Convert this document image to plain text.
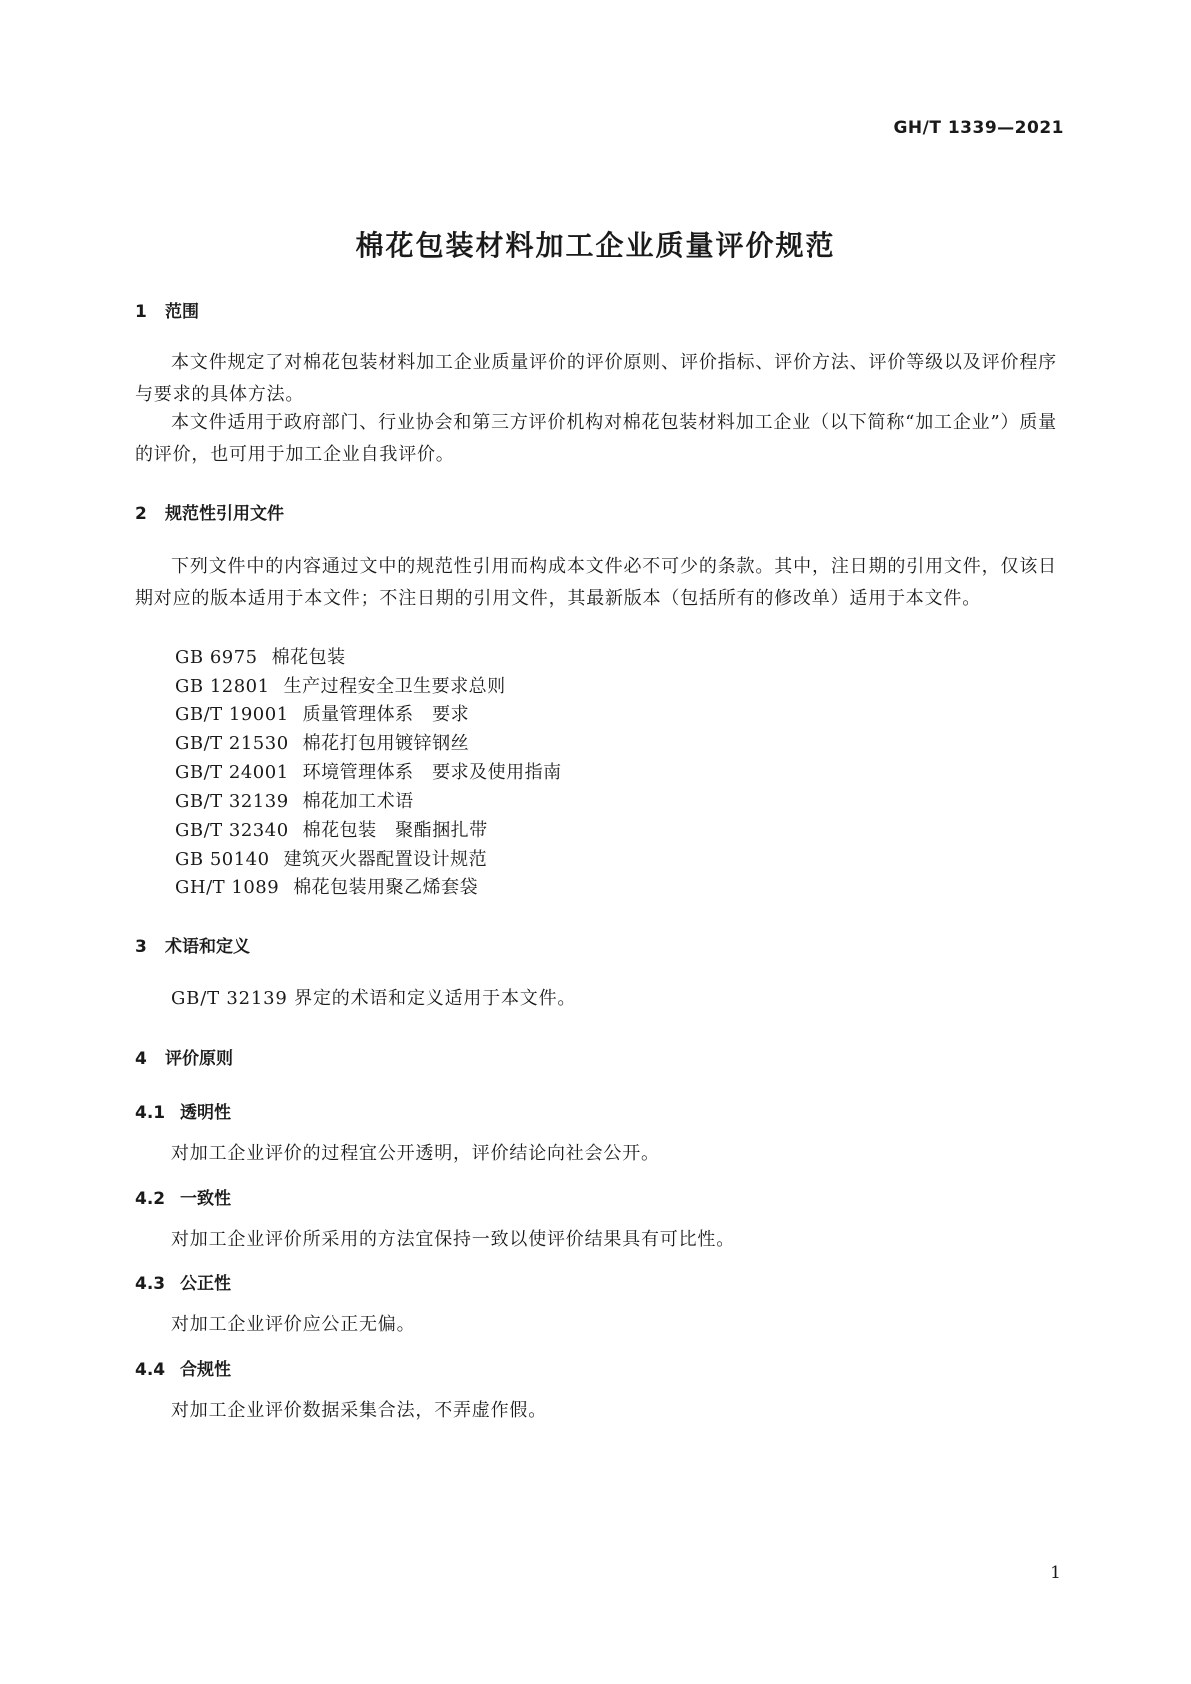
GH/T 1339—2021
棉花包装材料加工企业质量评价规范
1 范围
本文件规定了对棉花包装材料加工企业质量评价的评价原则、评价指标、评价方法、评价等级以及评价程序与要求的具体方法。
本文件适用于政府部门、行业协会和第三方评价机构对棉花包装材料加工企业（以下简称“加工企业”）质量的评价，也可用于加工企业自我评价。
2 规范性引用文件
下列文件中的内容通过文中的规范性引用而构成本文件必不可少的条款。其中，注日期的引用文件，仅该日期对应的版本适用于本文件；不注日期的引用文件，其最新版本（包括所有的修改单）适用于本文件。
GB 6975 棉花包装
GB 12801 生产过程安全卫生要求总则
GB/T 19001 质量管理体系　要求
GB/T 21530 棉花打包用镀锌钢丝
GB/T 24001 环境管理体系　要求及使用指南
GB/T 32139 棉花加工术语
GB/T 32340 棉花包装　聚酯捆扎带
GB 50140 建筑灭火器配置设计规范
GH/T 1089 棉花包装用聚乙烯套袋
3 术语和定义
GB/T 32139 界定的术语和定义适用于本文件。
4 评价原则
4.1 透明性
对加工企业评价的过程宜公开透明，评价结论向社会公开。
4.2 一致性
对加工企业评价所采用的方法宜保持一致以使评价结果具有可比性。
4.3 公正性
对加工企业评价应公正无偏。
4.4 合规性
对加工企业评价数据采集合法，不弄虚作假。
1
